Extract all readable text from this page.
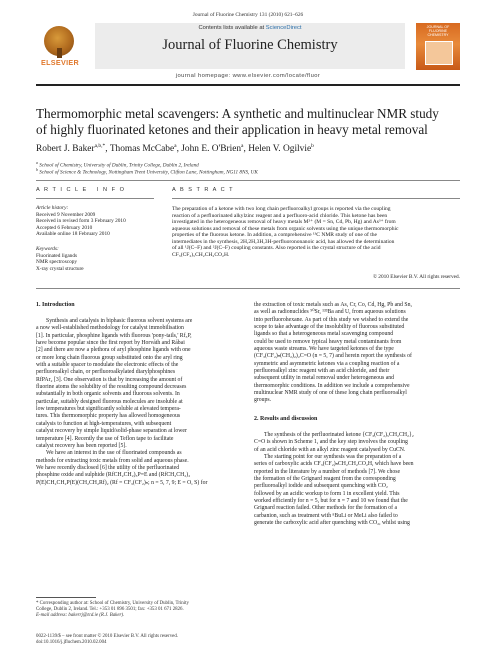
Journal of Fluorine Chemistry 131 (2010) 621–626
ELSEVIER
Contents lists available at ScienceDirect
Journal of Fluorine Chemistry
JOURNAL OF FLUORINE CHEMISTRY
journal homepage: www.elsevier.com/locate/fluor
Thermomorphic metal scavengers: A synthetic and multinuclear NMR study
of highly fluorinated ketones and their application in heavy metal removal
Robert J. Baker$^{a,b,*}$, Thomas McCabe$^a$, John E. O'Brien$^a$, Helen V. Ogilvie$^b$
$^a$ School of Chemistry, University of Dublin, Trinity College, Dublin 2, Ireland
$^b$ School of Science & Technology, Nottingham Trent University, Clifton Lane, Nottingham, NG11 8NS, UK
A R T I C L E   I N F O
Article history:
Received 9 November 2009
Received in revised form 3 February 2010
Accepted 6 February 2010
Available online 18 February 2010
Keywords:
Fluorinated ligands
NMR spectroscopy
X-ray crystal structure
A B S T R A C T
The preparation of a ketone with two long chain perfluoroalkyl groups is reported via the coupling
reaction of a perfluorinated alkylzinc reagent and a perfluoro-acid chloride. This ketone has been
investigated in the heterogeneous removal of heavy metals M²⁺ (M = Sn, Cd, Pb, Hg) and As³⁺ from
aqueous solutions and removal of these metals from organic solvents using the unique thermomorphic
properties of the fluorous ketone. In addition, a comprehensive ¹³C NMR study of one of the
intermediates in the synthesis, 2H,2H,3H,3H-perfluorononanoic acid, has allowed the determination
of all ¹J(C–F) and ²J(C–F) coupling constants. Also reported is the crystal structure of the acid
CF₃(CF₂)₅CH₂CH₂CO₂H.
© 2010 Elsevier B.V. All rights reserved.
1. Introduction
Synthesis and catalysis in biphasic fluorous solvent systems are
a now well-established methodology for catalyst immobilisation
[1]. In particular, phosphine ligands with fluorous 'pony-tails,' Rf₃P,
have become popular since the first report by Horváth and Rábai
[2] and there are now a plethora of aryl phosphine ligands with one
or more long chain fluorous group substituted onto the aryl ring
with a suitable spacer to modulate the electronic effects of the
perfluoroalkyl chain, or perfluoroalkylated diarylphosphines
RfPAr₂ [3]. One observation is that by increasing the amount of
fluorine atoms the solubility of the resulting compound decreases
substantially in both organic solvents and fluorous solvents. In
particular, suitably designed fluorous molecules are insoluble at
low temperatures but significantly soluble at elevated tempera-
tures. This thermomorphic property has allowed homogeneous
catalysis to function at high-temperatures, with subsequent
catalyst recovery by simple liquid/solid-phase separation at lower
temperature [4]. Recently the use of Teflon tape to facilitate
catalyst recovery has been reported [5].
We have an interest in the use of fluorinated compounds as
methods for extracting toxic metals from solid and aqueous phase.
We have recently disclosed [6] the utility of the perfluorinated
phosphine oxide and sulphide (RfCH₂CH₂)₃P=E and (RfCH₂CH₂)₂
P(E)CH₂CH₂P(E)(CH₂CH₂Rf)₂ (Rf = CF₃(CF₂)ₙ; n = 5, 7, 9; E = O, S) for
the extraction of toxic metals such as As, Cr, Co, Cd, Hg, Pb and Sn,
as well as radionuclides ⁹⁰Sr, ¹³³Ba and U, from aqueous solutions
into perfluorohexane. As part of this study we wished to extend the
scope to take advantage of the insolubility of fluorous substituted
ligands so that a heterogeneous metal scavenging compound
could be used to remove typical heavy metal contaminants from
aqueous waste streams. We have targeted ketones of the type
(CF₃(CF₂)ₙ(CH₂)₂)₂C=O (n = 5, 7) and herein report the synthesis of
symmetric and asymmetric ketones via a coupling reaction of a
perfluoroalkyl zinc reagent with an acid chloride, and their
subsequent utility in metal removal under heterogeneous and
thermomorphic conditions. In addition we include a comprehensive
multinuclear NMR study of one of these long chain perfluoroalkyl
groups.
2. Results and discussion
The synthesis of the perfluorinated ketone {CF₃(CF₂)₅CH₂CH₂}₂
C=O is shown in Scheme 1, and the key step involves the coupling
of an acid chloride with an alkyl zinc reagent catalysed by CuCN.
The starting point for our synthesis was the preparation of a
series of carboxylic acids CF₃(CF₂)ₙCH₂CH₂CO₂H, which have been
reported in the literature by a number of methods [7]. We chose
the formation of the Grignard reagent from the corresponding
perfluoroalkyl iodide and subsequent quenching with CO₂
followed by an acidic workup to form 1 in excellent yield. This
worked efficiently for n = 5, but for n = 7 and 10 we found that the
Grignard reaction failed. Other methods for the formation of a
carbanion, such as treatment with ⁿBuLi or MeLi also failed to
generate the carboxylic acid after quenching with CO₂, whilst using
* Corresponding author at: School of Chemistry, University of Dublin, Trinity
College, Dublin 2, Ireland. Tel.: +353 01 896 3501; fax: +353 01 671 2826.
E-mail address: bakerrj@tcd.ie (R.J. Baker).
0022-1139/$ – see front matter © 2010 Elsevier B.V. All rights reserved.
doi:10.1016/j.jfluchem.2010.02.004
